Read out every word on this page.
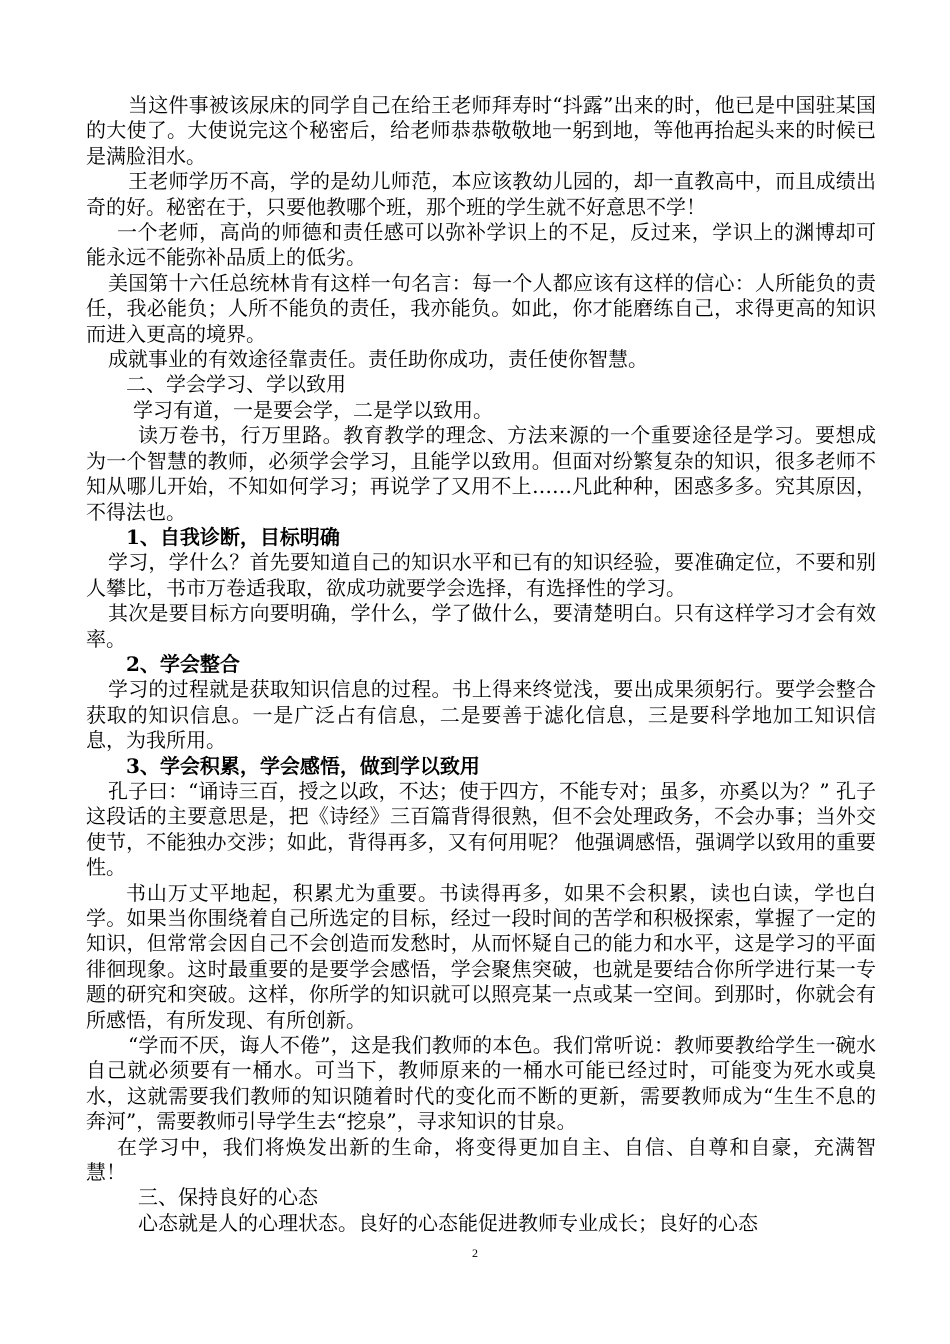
当这件事被该尿床的同学自己在给王老师拜寿时“抖露”出来的时，他已是中国驻某国的大使了。大使说完这个秘密后，给老师恭恭敬敬地一躬到地，等他再抬起头来的时候已是满脸泪水。

王老师学历不高，学的是幼儿师范，本应该教幼儿园的，却一直教高中，而且成绩出奇的好。秘密在于，只要他教哪个班，那个班的学生就不好意思不学！

一个老师，高尚的师德和责任感可以弥补学识上的不足，反过来，学识上的渊博却可能永远不能弥补品质上的低劣。

美国第十六任总统林肯有这样一句名言：每一个人都应该有这样的信心：人所能负的责任，我必能负；人所不能负的责任，我亦能负。如此，你才能磨练自己，求得更高的知识而进入更高的境界。

成就事业的有效途径靠责任。责任助你成功，责任使你智慧。

二、学会学习、学以致用

学习有道，一是要会学，二是学以致用。

读万卷书，行万里路。教育教学的理念、方法来源的一个重要途径是学习。要想成为一个智慧的教师，必须学会学习，且能学以致用。但面对纷繁复杂的知识，很多老师不知从哪儿开始，不知如何学习；再说学了又用不上……凡此种种，困惑多多。究其原因，不得法也。

1、自我诊断，目标明确

学习，学什么？首先要知道自己的知识水平和已有的知识经验，要准确定位，不要和别人攀比，书市万卷适我取，欲成功就要学会选择，有选择性的学习。

其次是要目标方向要明确，学什么，学了做什么，要清楚明白。只有这样学习才会有效率。

2、学会整合

学习的过程就是获取知识信息的过程。书上得来终觉浅，要出成果须躬行。要学会整合获取的知识信息。一是广泛占有信息，二是要善于滤化信息，三是要科学地加工知识信息，为我所用。

3、学会积累，学会感悟，做到学以致用

孔子曰：“诵诗三百，授之以政，不达；使于四方，不能专对；虽多，亦奚以为？” 孔子这段话的主要意思是，把《诗经》三百篇背得很熟，但不会处理政务，不会办事；当外交使节，不能独办交涉；如此，背得再多，又有何用呢？ 他强调感悟，强调学以致用的重要性。

书山万丈平地起，积累尤为重要。书读得再多，如果不会积累，读也白读，学也白学。如果当你围绕着自己所选定的目标，经过一段时间的苦学和积极探索，掌握了一定的知识，但常常会因自己不会创造而发愁时，从而怀疑自己的能力和水平，这是学习的平面徘徊现象。这时最重要的是要学会感悟，学会聚焦突破，也就是要结合你所学进行某一专题的研究和突破。这样，你所学的知识就可以照亮某一点或某一空间。到那时，你就会有所感悟，有所发现、有所创新。

“学而不厌，诲人不倦”，这是我们教师的本色。我们常听说：教师要教给学生一碗水自己就必须要有一桶水。可当下，教师原来的一桶水可能已经过时，可能变为死水或臭水，这就需要我们教师的知识随着时代的变化而不断的更新，需要教师成为“生生不息的奔河”，需要教师引导学生去“挖泉”，寻求知识的甘泉。

在学习中，我们将焕发出新的生命，将变得更加自主、自信、自尊和自豪，充满智慧！

三、保持良好的心态

心态就是人的心理状态。良好的心态能促进教师专业成长；良好的心态

2
